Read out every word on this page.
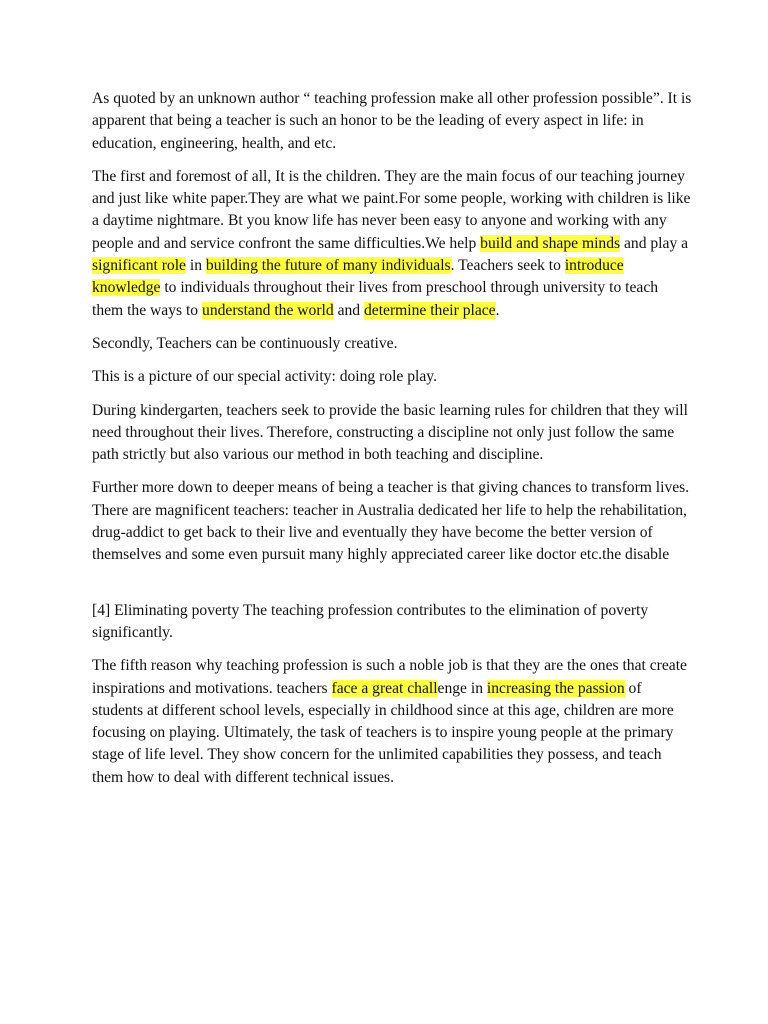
As quoted by an unknown author “ teaching profession make all other profession possible”. It is apparent that being a teacher is such an honor to be the leading of every aspect in life: in education, engineering, health, and etc.

The first and foremost of all, It is the children. They are the main focus of our teaching journey and just like white paper.They are what we paint.For some people, working with children is like a daytime nightmare. Bt you know life has never been easy to anyone and working with any people and and service confront the same difficulties.We help build and shape minds and play a significant role in building the future of many individuals. Teachers seek to introduce knowledge to individuals throughout their lives from preschool through university to teach them the ways to understand the world and determine their place.

Secondly, Teachers can be continuously creative.

This is a picture of our special activity: doing role play.

During kindergarten, teachers seek to provide the basic learning rules for children that they will need throughout their lives. Therefore, constructing a discipline not only just follow the same path strictly but also various our method in both teaching and discipline.

Further more down to deeper means of being a teacher is that giving chances to transform lives. There are magnificent teachers: teacher in Australia dedicated her life to help the rehabilitation, drug-addict to get back to their live and eventually they have become the better version of themselves and some even pursuit many highly appreciated career like doctor etc.the disable

[4] Eliminating poverty The teaching profession contributes to the elimination of poverty significantly.

The fifth reason why teaching profession is such a noble job is that they are the ones that create inspirations and motivations. teachers face a great challenge in increasing the passion of students at different school levels, especially in childhood since at this age, children are more focusing on playing. Ultimately, the task of teachers is to inspire young people at the primary stage of life level. They show concern for the unlimited capabilities they possess, and teach them how to deal with different technical issues.
